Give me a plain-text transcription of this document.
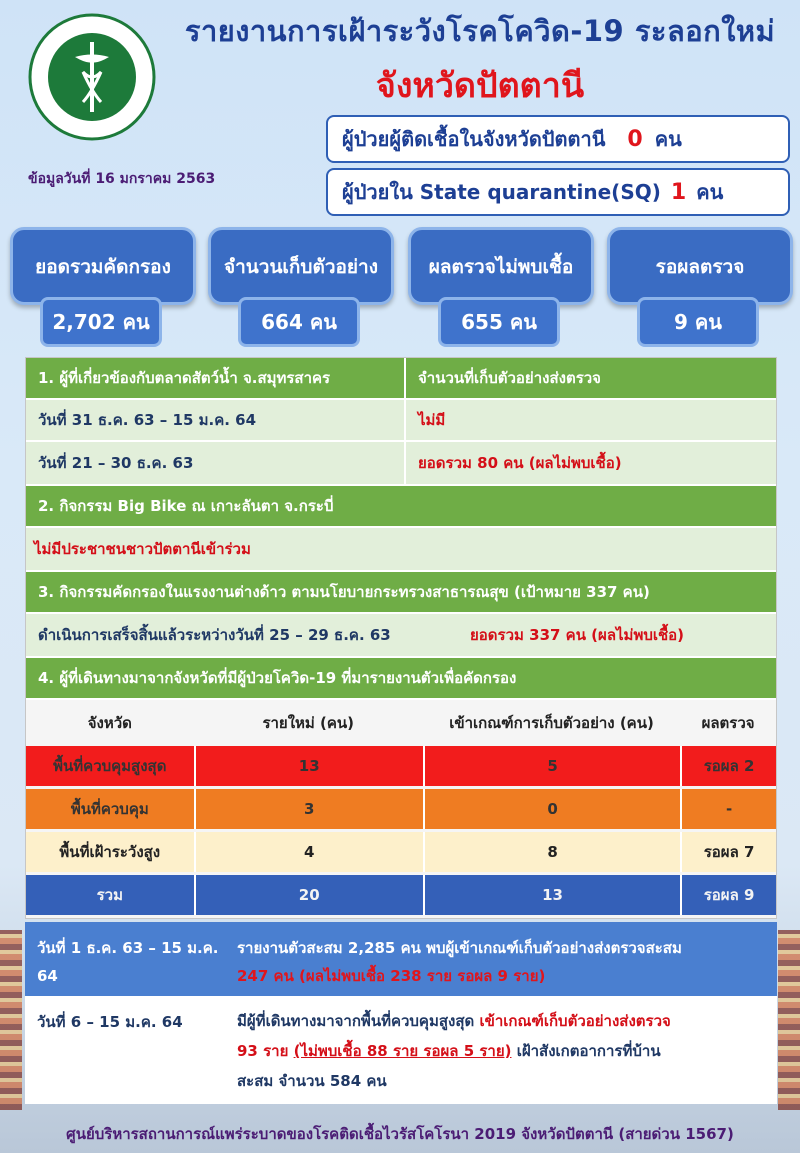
รายงานการเฝ้าระวังโรคโควิด-19 ระลอกใหม่
จังหวัดปัตตานี
ข้อมูลวันที่ 16 มกราคม 2563
ผู้ป่วยผู้ติดเชื้อในจังหวัดปัตตานี 0 คน
ผู้ป่วยใน State quarantine(SQ) 1 คน
ยอดรวมคัดกรอง
2,702 คน
จำนวนเก็บตัวอย่าง
664 คน
ผลตรวจไม่พบเชื้อ
655 คน
รอผลตรวจ
9 คน
1. ผู้ที่เกี่ยวข้องกับตลาดสัตว์น้ำ จ.สมุทรสาคร	จำนวนที่เก็บตัวอย่างส่งตรวจ
วันที่ 31 ธ.ค. 63 – 15 ม.ค. 64	ไม่มี
วันที่ 21 – 30 ธ.ค. 63	ยอดรวม 80 คน (ผลไม่พบเชื้อ)
2. กิจกรรม Big Bike ณ เกาะลันตา จ.กระบี่
ไม่มีประชาชนชาวปัตตานีเข้าร่วม
3. กิจกรรมคัดกรองในแรงงานต่างด้าว ตามนโยบายกระทรวงสาธารณสุข (เป้าหมาย 337 คน)
ดำเนินการเสร็จสิ้นแล้วระหว่างวันที่ 25 – 29 ธ.ค. 63	ยอดรวม 337 คน (ผลไม่พบเชื้อ)
4. ผู้ที่เดินทางมาจากจังหวัดที่มีผู้ป่วยโควิด-19 ที่มารายงานตัวเพื่อคัดกรอง
จังหวัด	รายใหม่ (คน)	เข้าเกณฑ์การเก็บตัวอย่าง (คน)	ผลตรวจ
พื้นที่ควบคุมสูงสุด	13	5	รอผล 2
พื้นที่ควบคุม	3	0	-
พื้นที่เฝ้าระวังสูง	4	8	รอผล 7
รวม	20	13	รอผล 9
วันที่ 1 ธ.ค. 63 – 15 ม.ค. 64
รายงานตัวสะสม 2,285 คน พบผู้เข้าเกณฑ์เก็บตัวอย่างส่งตรวจสะสม
247 คน (ผลไม่พบเชื้อ 238 ราย รอผล 9 ราย)
วันที่ 6 – 15 ม.ค. 64	มีผู้ที่เดินทางมาจากพื้นที่ควบคุมสูงสุด เข้าเกณฑ์เก็บตัวอย่างส่งตรวจ
93 ราย (ไม่พบเชื้อ 88 ราย รอผล 5 ราย) เฝ้าสังเกตอาการที่บ้าน
สะสม จำนวน 584 คน
ศูนย์บริหารสถานการณ์แพร่ระบาดของโรคติดเชื้อไวรัสโคโรนา 2019 จังหวัดปัตตานี (สายด่วน 1567)
